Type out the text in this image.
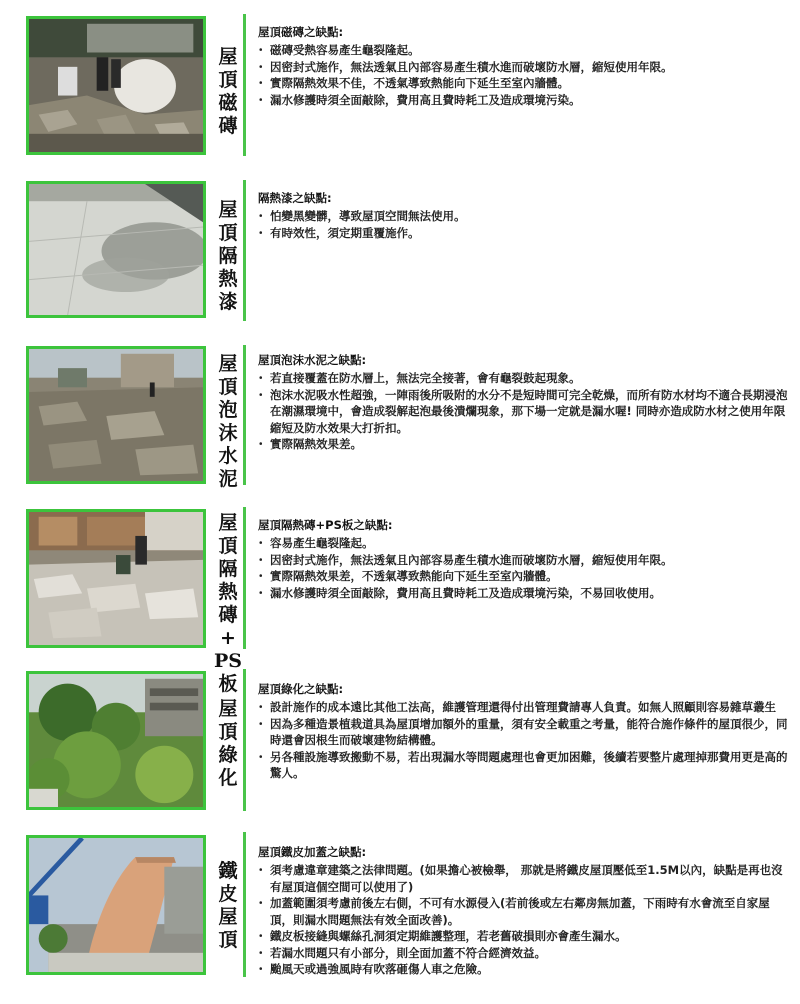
屋
頂
磁
磚
屋頂磁磚之缺點:
・ 磁磚受熱容易產生龜裂隆起。
・ 因密封式施作，無法透氣且內部容易產生積水進而破壞防水層，縮短使用年限。
・ 實際隔熱效果不佳，不透氣導致熱能向下延生至室內牆體。
・ 漏水修護時須全面敲除，費用高且費時耗工及造成環境污染。
屋
頂
隔
熱
漆
隔熱漆之缺點:
・ 怕變黑變髒，導致屋頂空間無法使用。
・ 有時效性，須定期重覆施作。
屋
頂
泡
沫
水
泥
屋頂泡沫水泥之缺點:
・ 若直接覆蓋在防水層上，無法完全接著，會有龜裂鼓起現象。
・ 泡沫水泥吸水性超強，一陣雨後所吸附的水分不是短時間可完全乾燥，而所有防水材均不適合長期浸泡在潮濕環境中，會造成裂解起泡最後潰爛現象，那下場一定就是漏水喔! 同時亦造成防水材之使用年限縮短及防水效果大打折扣。
・ 實際隔熱效果差。
屋
頂
隔
熱
磚
+
PS
板
屋頂隔熱磚+PS板之缺點:
・ 容易產生龜裂隆起。
・ 因密封式施作，無法透氣且內部容易產生積水進而破壞防水層，縮短使用年限。
・ 實際隔熱效果差，不透氣導致熱能向下延生至室內牆體。
・ 漏水修護時須全面敲除，費用高且費時耗工及造成環境污染，不易回收使用。
屋
頂
綠
化
屋頂綠化之缺點:
・ 設計施作的成本遠比其他工法高，維護管理還得付出管理費請專人負責。如無人照顧則容易雜草叢生
・ 因為多種造景植栽道具為屋頂增加額外的重量，須有安全載重之考量，能符合施作條件的屋頂很少，同時還會因根生而破壞建物結構體。
・ 另各種設施導致搬動不易，若出現漏水等問題處理也會更加困難，後續若要整片處理掉那費用更是高的驚人。
鐵
皮
屋
頂
屋頂鐵皮加蓋之缺點:
・ 須考慮違章建築之法律問題。(如果擔心被檢舉， 那就是將鐵皮屋頂壓低至1.5M以內，缺點是再也沒有屋頂這個空間可以使用了)
・ 加蓋範圍須考慮前後左右側，不可有水源侵入(若前後或左右鄰房無加蓋，下雨時有水會流至自家屋頂，則漏水問題無法有效全面改善)。
・ 鐵皮板接縫與螺絲孔洞須定期維護整理，若老舊破損則亦會產生漏水。
・ 若漏水問題只有小部分，則全面加蓋不符合經濟效益。
・ 颱風天或過強風時有吹落砸傷人車之危險。
